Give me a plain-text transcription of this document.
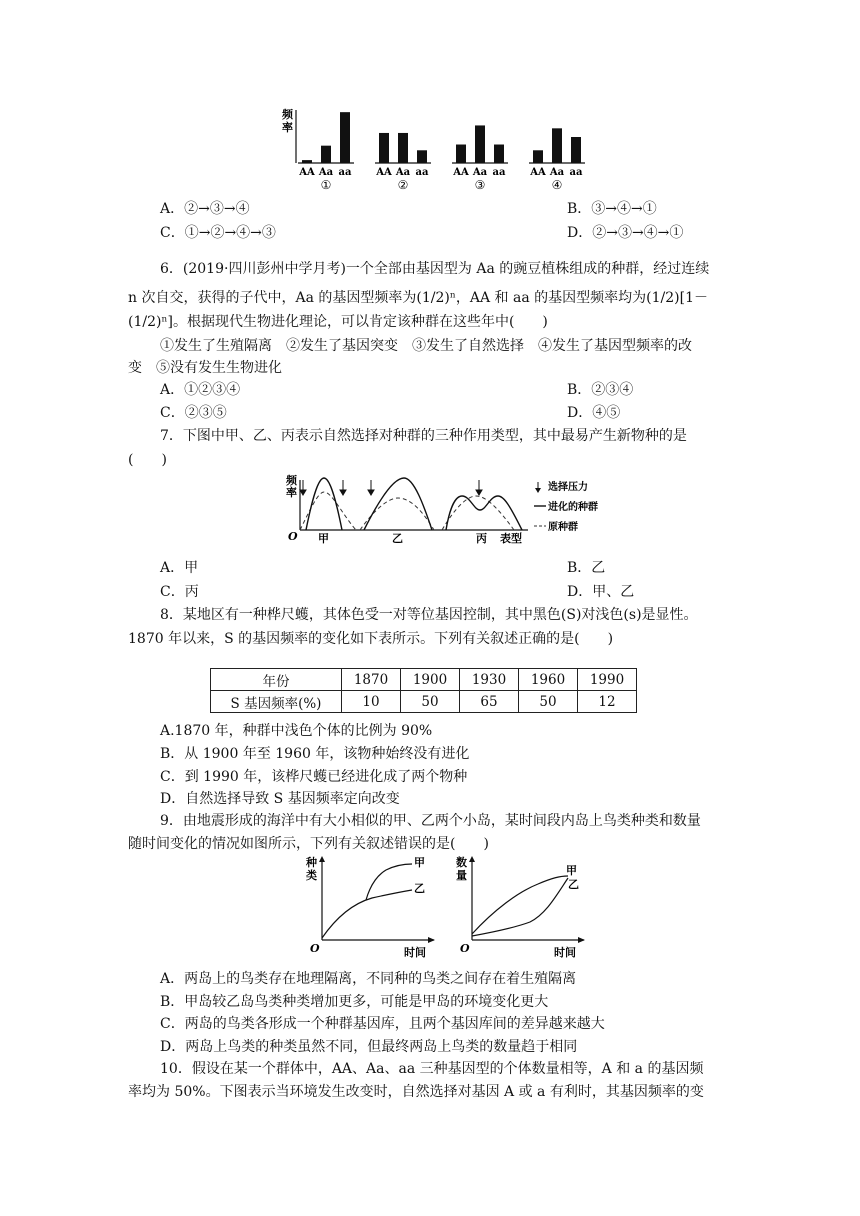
频
率
AA Aa aa
①
AA Aa aa
②
AA Aa aa
③
AA Aa aa
④
A．②→③→④	B．③→④→①
C．①→②→④→③	D．②→③→④→①
6．(2019·四川彭州中学月考)一个全部由基因型为 Aa 的豌豆植株组成的种群，经过连续
n 次自交，获得的子代中，Aa 的基因型频率为(1/2)ⁿ，AA 和 aa 的基因型频率均为(1/2)[1－
(1/2)ⁿ]。根据现代生物进化理论，可以肯定该种群在这些年中(　　)
①发生了生殖隔离　②发生了基因突变　③发生了自然选择　④发生了基因型频率的改
变　⑤没有发生生物进化
A．①②③④	B．②③④
C．②③⑤	D．④⑤
7．下图中甲、乙、丙表示自然选择对种群的三种作用类型，其中最易产生新物种的是
(　　)
频
率
O 甲	乙	丙 表型
选择压力
进化的种群
原种群
A．甲	B．乙
C．丙	D．甲、乙
8．某地区有一种桦尺蠖，其体色受一对等位基因控制，其中黑色(S)对浅色(s)是显性。
1870 年以来，S 的基因频率的变化如下表所示。下列有关叙述正确的是(　　)
年份	1870	1900	1930	1960	1990
S 基因频率(%)	10	50	65	50	12
A.1870 年，种群中浅色个体的比例为 90%
B．从 1900 年至 1960 年，该物种始终没有进化
C．到 1990 年，该桦尺蠖已经进化成了两个物种
D．自然选择导致 S 基因频率定向改变
9．由地震形成的海洋中有大小相似的甲、乙两个小岛，某时间段内岛上鸟类种类和数量
随时间变化的情况如图所示，下列有关叙述错误的是(　　)
种
类
甲
乙
O	时间
数
量	甲
乙
O	时间
A．两岛上的鸟类存在地理隔离，不同种的鸟类之间存在着生殖隔离
B．甲岛较乙岛鸟类种类增加更多，可能是甲岛的环境变化更大
C．两岛的鸟类各形成一个种群基因库，且两个基因库间的差异越来越大
D．两岛上鸟类的种类虽然不同，但最终两岛上鸟类的数量趋于相同
10．假设在某一个群体中，AA、Aa、aa 三种基因型的个体数量相等，A 和 a 的基因频
率均为 50%。下图表示当环境发生改变时，自然选择对基因 A 或 a 有利时，其基因频率的变
